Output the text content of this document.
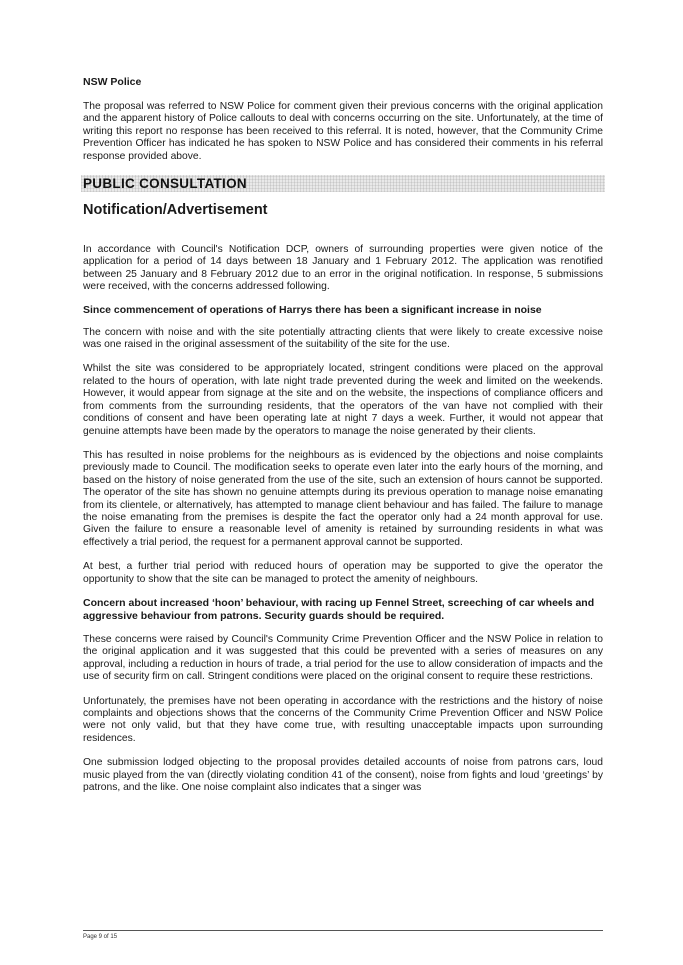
NSW Police

The proposal was referred to NSW Police for comment given their previous concerns with the original application and the apparent history of Police callouts to deal with concerns occurring on the site. Unfortunately, at the time of writing this report no response has been received to this referral. It is noted, however, that the Community Crime Prevention Officer has indicated he has spoken to NSW Police and has considered their comments in his referral response provided above.

PUBLIC CONSULTATION
Notification/Advertisement

In accordance with Council's Notification DCP, owners of surrounding properties were given notice of the application for a period of 14 days between 18 January and 1 February 2012. The application was renotified between 25 January and 8 February 2012 due to an error in the original notification. In response, 5 submissions were received, with the concerns addressed following.

Since commencement of operations of Harrys there has been a significant increase in noise

The concern with noise and with the site potentially attracting clients that were likely to create excessive noise was one raised in the original assessment of the suitability of the site for the use.

Whilst the site was considered to be appropriately located, stringent conditions were placed on the approval related to the hours of operation, with late night trade prevented during the week and limited on the weekends. However, it would appear from signage at the site and on the website, the inspections of compliance officers and from comments from the surrounding residents, that the operators of the van have not complied with their conditions of consent and have been operating late at night 7 days a week. Further, it would not appear that genuine attempts have been made by the operators to manage the noise generated by their clients.

This has resulted in noise problems for the neighbours as is evidenced by the objections and noise complaints previously made to Council. The modification seeks to operate even later into the early hours of the morning, and based on the history of noise generated from the use of the site, such an extension of hours cannot be supported. The operator of the site has shown no genuine attempts during its previous operation to manage noise emanating from its clientele, or alternatively, has attempted to manage client behaviour and has failed. The failure to manage the noise emanating from the premises is despite the fact the operator only had a 24 month approval for use. Given the failure to ensure a reasonable level of amenity is retained by surrounding residents in what was effectively a trial period, the request for a permanent approval cannot be supported.

At best, a further trial period with reduced hours of operation may be supported to give the operator the opportunity to show that the site can be managed to protect the amenity of neighbours.

Concern about increased ‘hoon’ behaviour, with racing up Fennel Street, screeching of car wheels and aggressive behaviour from patrons. Security guards should be required.

These concerns were raised by Council's Community Crime Prevention Officer and the NSW Police in relation to the original application and it was suggested that this could be prevented with a series of measures on any approval, including a reduction in hours of trade, a trial period for the use to allow consideration of impacts and the use of security firm on call. Stringent conditions were placed on the original consent to require these restrictions.

Unfortunately, the premises have not been operating in accordance with the restrictions and the history of noise complaints and objections shows that the concerns of the Community Crime Prevention Officer and NSW Police were not only valid, but that they have come true, with resulting unacceptable impacts upon surrounding residences.

One submission lodged objecting to the proposal provides detailed accounts of noise from patrons cars, loud music played from the van (directly violating condition 41 of the consent), noise from fights and loud ‘greetings’ by patrons, and the like. One noise complaint also indicates that a singer was

Page 9 of 15
